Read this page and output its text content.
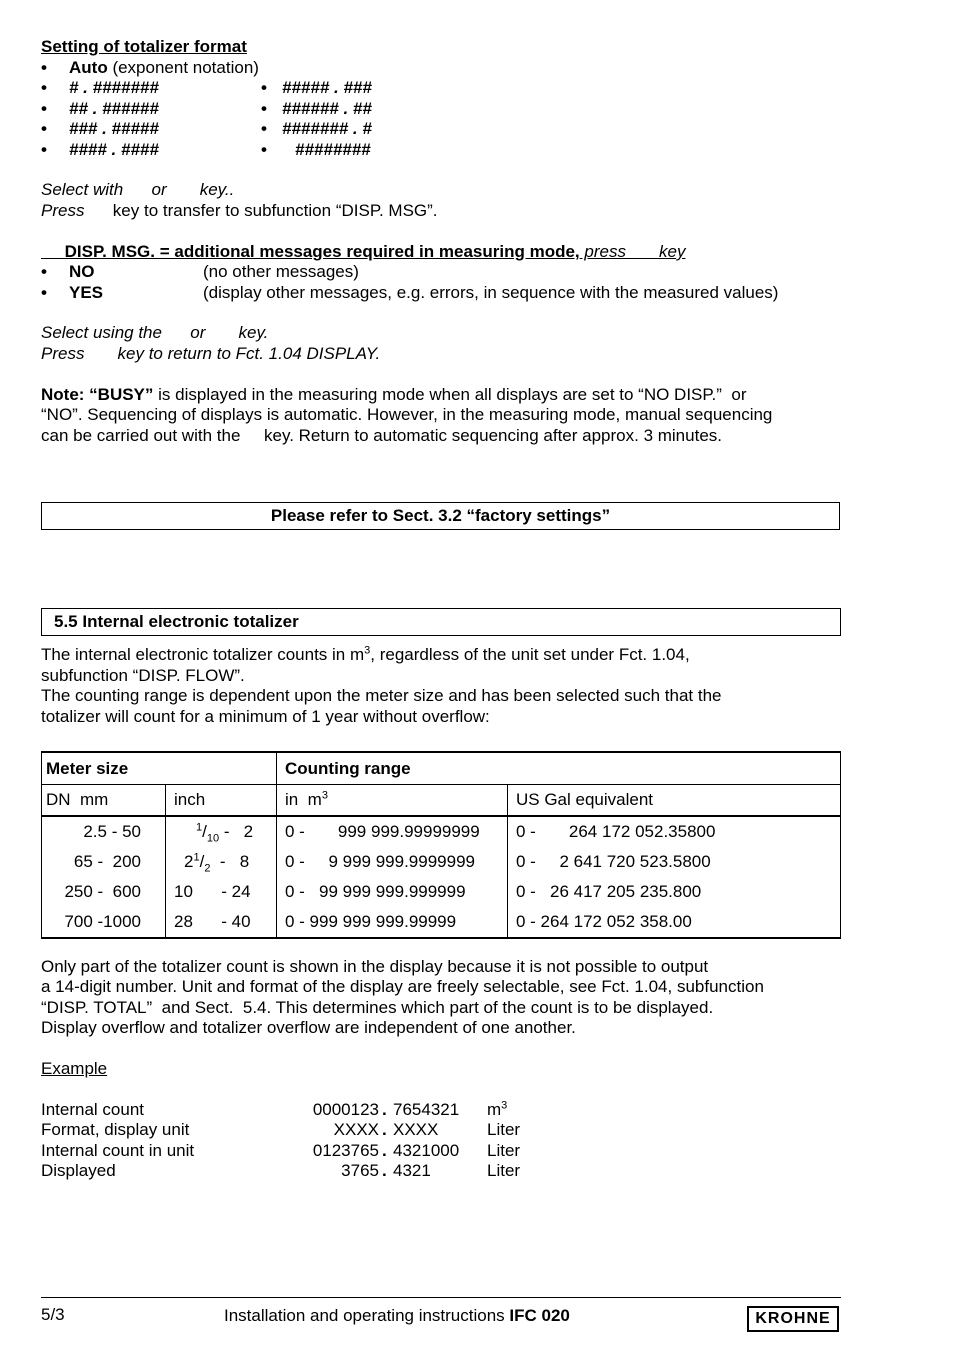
Setting of totalizer format
• Auto (exponent notation)
• # . #######	• ##### . ###
• ## . ######	• ###### . ##
• ### . #####	• ####### . #
• #### . ####	• ########
Select with      or       key..
Press      key to transfer to subfunction “DISP. MSG”.
DISP. MSG. = additional messages required in measuring mode, press       key
• NO	(no other messages)
• YES	(display other messages, e.g. errors, in sequence with the measured values)
Select using the      or       key.
Press       key to return to Fct. 1.04 DISPLAY.
Note: “BUSY” is displayed in the measuring mode when all displays are set to “NO DISP.”  or
“NO”. Sequencing of displays is automatic. However, in the measuring mode, manual sequencing
can be carried out with the     key. Return to automatic sequencing after approx. 3 minutes.
Please refer to Sect. 3.2 “factory settings”
5.5 Internal electronic totalizer
The internal electronic totalizer counts in $m^3$, regardless of the unit set under Fct. 1.04,
subfunction “DISP. FLOW”.
The counting range is dependent upon the meter size and has been selected such that the
totalizer will count for a minimum of 1 year without overflow:
Meter size		Counting range	
DN  mm	inch	in  $m^3$	US Gal equivalent
2.5 - 50	$^1/_{10} - 2$	0 -       999 999.99999999	0 -       264 172 052.35800
65 -  200	$2^1/_2 - 8$	0 -     9 999 999.9999999	0 -     2 641 720 523.5800
250 -  600	10      - 24	0 -   99 999 999.999999	0 -   26 417 205 235.800
700 -1000	28      - 40	0 - 999 999 999.99999	0 - 264 172 052 358.00
Only part of the totalizer count is shown in the display because it is not possible to output
a 14-digit number. Unit and format of the display are freely selectable, see Fct. 1.04, subfunction
“DISP. TOTAL”  and Sect.  5.4. This determines which part of the count is to be displayed.
Display overflow and totalizer overflow are independent of one another.
Example
Internal count	0000123 . 7654321 $m^3$
Format, display unit	XXXX . XXXX	Liter
Internal count in unit	0123765 . 4321000 Liter
Displayed	3765 . 4321	Liter
5/3	Installation and operating instructions IFC 020	KROHNE
